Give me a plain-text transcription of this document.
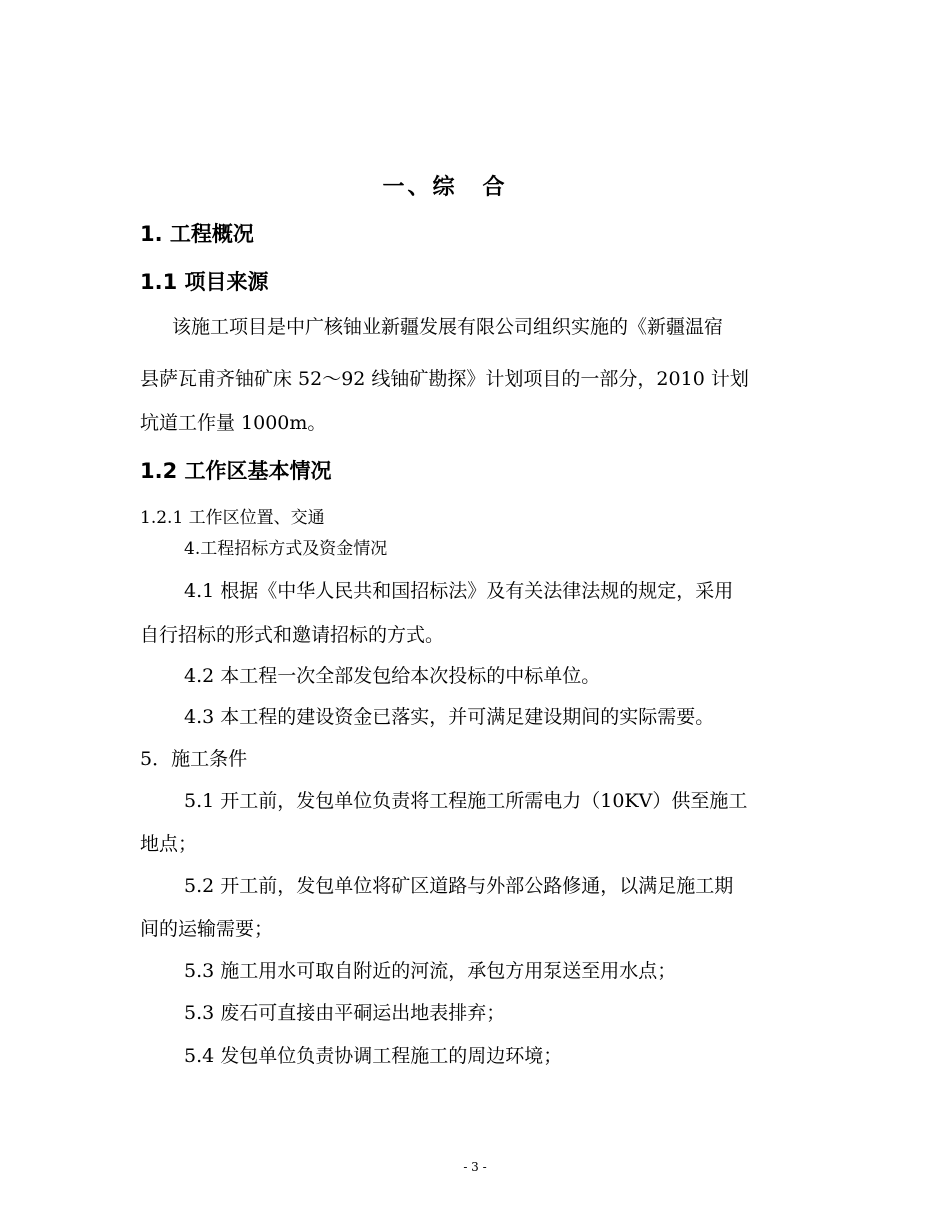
一、综　合
1. 工程概况
1.1 项目来源
该施工项目是中广核铀业新疆发展有限公司组织实施的《新疆温宿
县萨瓦甫齐铀矿床 52～92 线铀矿勘探》计划项目的一部分，2010 计划
坑道工作量 1000m。
1.2 工作区基本情况
1.2.1 工作区位置、交通
4.工程招标方式及资金情况
4.1 根据《中华人民共和国招标法》及有关法律法规的规定，采用
自行招标的形式和邀请招标的方式。
4.2 本工程一次全部发包给本次投标的中标单位。
4.3 本工程的建设资金已落实，并可满足建设期间的实际需要。
5．施工条件
5.1 开工前，发包单位负责将工程施工所需电力（10KV）供至施工
地点；
5.2 开工前，发包单位将矿区道路与外部公路修通，以满足施工期
间的运输需要；
5.3 施工用水可取自附近的河流，承包方用泵送至用水点；
5.3 废石可直接由平硐运出地表排弃；
5.4 发包单位负责协调工程施工的周边环境；
- 3 -
